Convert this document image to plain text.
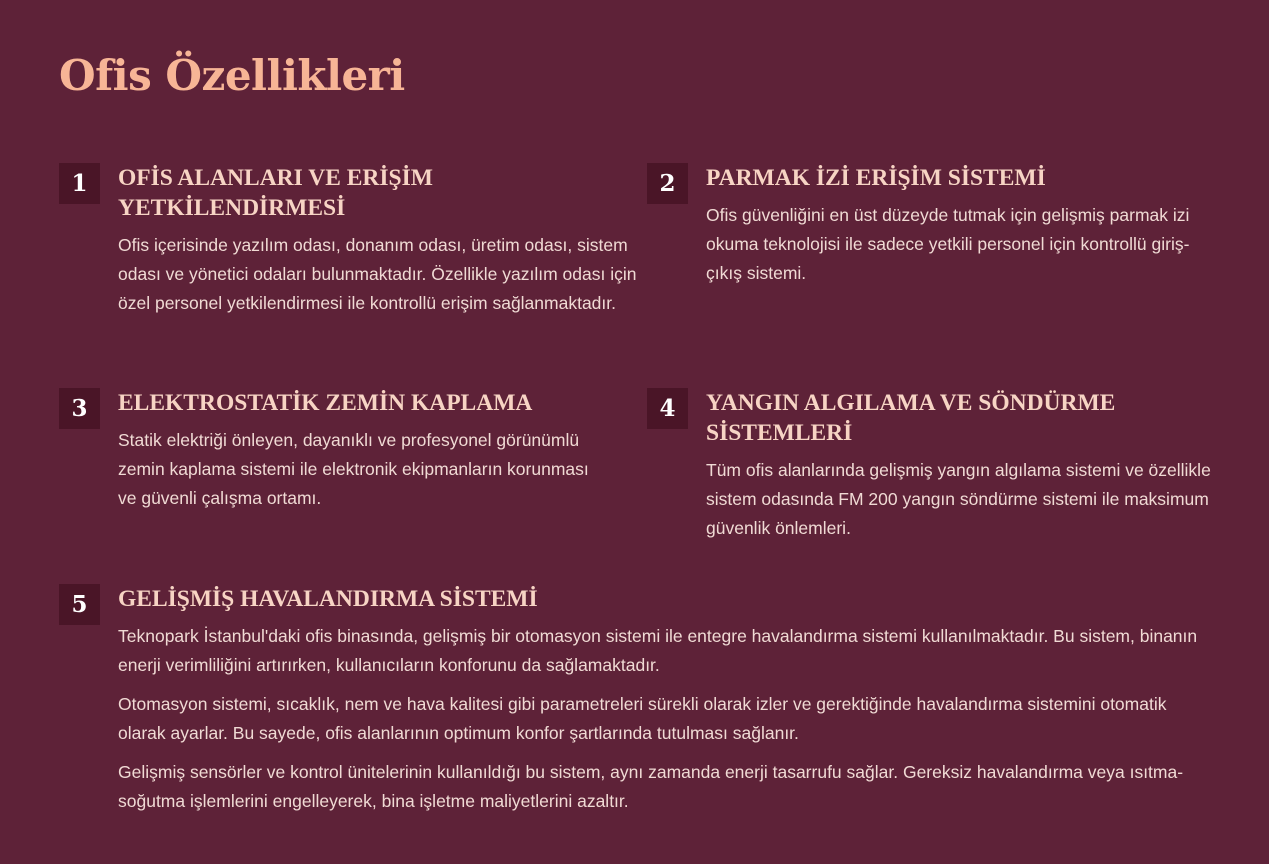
Ofis Özellikleri
1	OFİS ALANLARI VE ERİŞİM YETKİLENDİRMESİ

Ofis içerisinde yazılım odası, donanım odası, üretim odası, sistem odası ve yönetici odaları bulunmaktadır. Özellikle yazılım odası için özel personel yetkilendirmesi ile kontrollü erişim sağlanmaktadır.

2	PARMAK İZİ ERİŞİM SİSTEMİ

Ofis güvenliğini en üst düzeyde tutmak için gelişmiş parmak izi okuma teknolojisi ile sadece yetkili personel için kontrollü giriş-çıkış sistemi.

3	ELEKTROSTATİK ZEMİN KAPLAMA

Statik elektriği önleyen, dayanıklı ve profesyonel görünümlü zemin kaplama sistemi ile elektronik ekipmanların korunması ve güvenli çalışma ortamı.

4	YANGIN ALGILAMA VE SÖNDÜRME SİSTEMLERİ

Tüm ofis alanlarında gelişmiş yangın algılama sistemi ve özellikle sistem odasında FM 200 yangın söndürme sistemi ile maksimum güvenlik önlemleri.

5	GELİŞMİŞ HAVALANDIRMA SİSTEMİ

Teknopark İstanbul'daki ofis binasında, gelişmiş bir otomasyon sistemi ile entegre havalandırma sistemi kullanılmaktadır. Bu sistem, binanın enerji verimliliğini artırırken, kullanıcıların konforunu da sağlamaktadır.

Otomasyon sistemi, sıcaklık, nem ve hava kalitesi gibi parametreleri sürekli olarak izler ve gerektiğinde havalandırma sistemini otomatik olarak ayarlar. Bu sayede, ofis alanlarının optimum konfor şartlarında tutulması sağlanır.

Gelişmiş sensörler ve kontrol ünitelerinin kullanıldığı bu sistem, aynı zamanda enerji tasarrufu sağlar. Gereksiz havalandırma veya ısıtma-soğutma işlemlerini engelleyerek, bina işletme maliyetlerini azaltır.
